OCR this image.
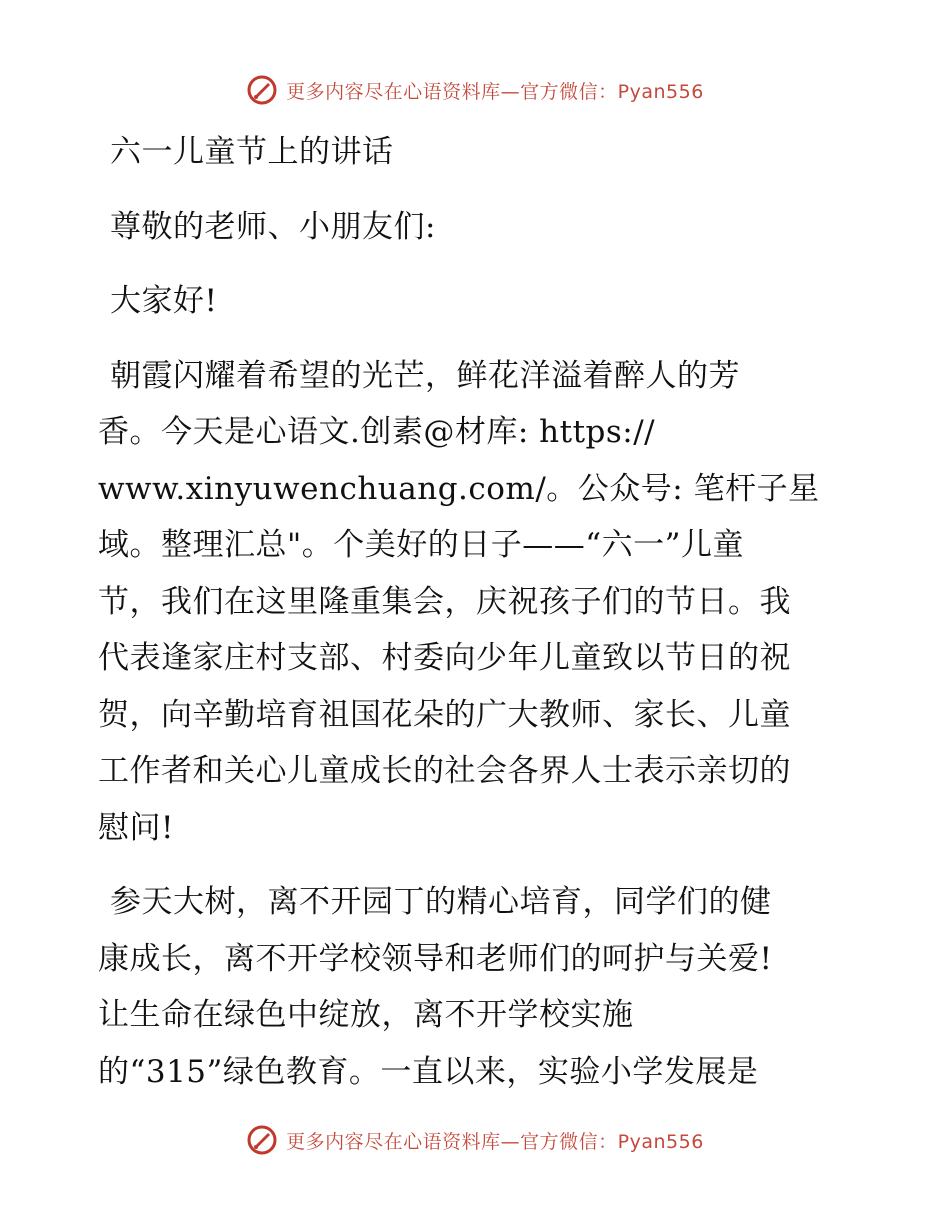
更多内容尽在心语资料库—官方微信：Pyan556

六一儿童节上的讲话

尊敬的老师、小朋友们:

大家好!

朝霞闪耀着希望的光芒，鲜花洋溢着醉人的芳

香。今天是心语文.创素@材库: https://

www.xinyuwenchuang.com/。公众号: 笔杆子星

域。整理汇总"。个美好的日子——“六一”儿童

节，我们在这里隆重集会，庆祝孩子们的节日。我

代表逢家庄村支部、村委向少年儿童致以节日的祝

贺，向辛勤培育祖国花朵的广大教师、家长、儿童

工作者和关心儿童成长的社会各界人士表示亲切的

慰问!

参天大树，离不开园丁的精心培育，同学们的健

康成长，离不开学校领导和老师们的呵护与关爱!

让生命在绿色中绽放，离不开学校实施

的“315”绿色教育。一直以来，实验小学发展是

更多内容尽在心语资料库—官方微信：Pyan556
